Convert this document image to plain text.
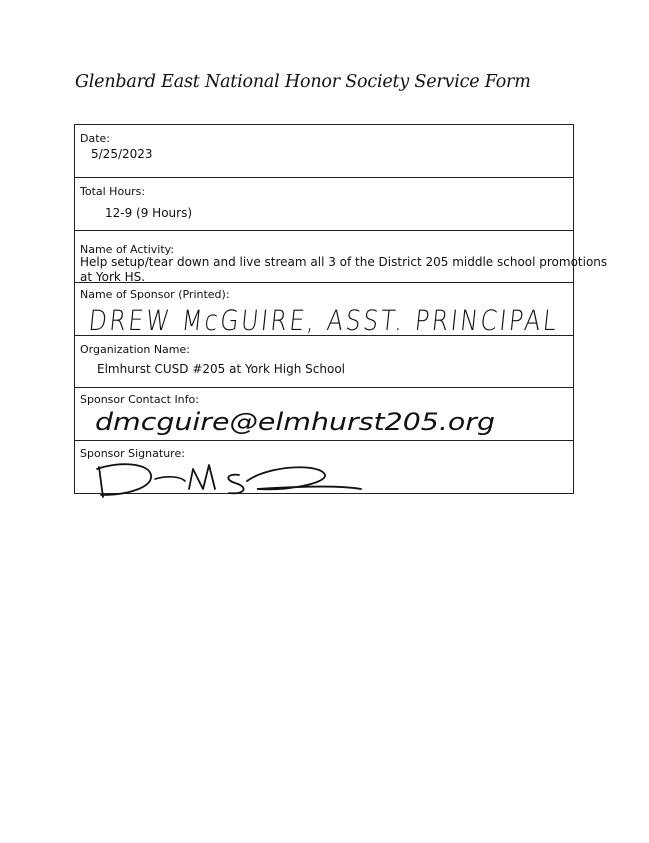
Glenbard East National Honor Society Service Form
Date:
5/25/2023
Total Hours:
12-9 (9 Hours)
Name of Activity:
Help setup/tear down and live stream all 3 of the District 205 middle school promotions at York HS.
Name of Sponsor (Printed):
DREW McGUIRE, ASST. PRINCIPAL
Organization Name:
Elmhurst CUSD #205 at York High School
Sponsor Contact Info:
dmcguire@elmhurst205.org
Sponsor Signature:
